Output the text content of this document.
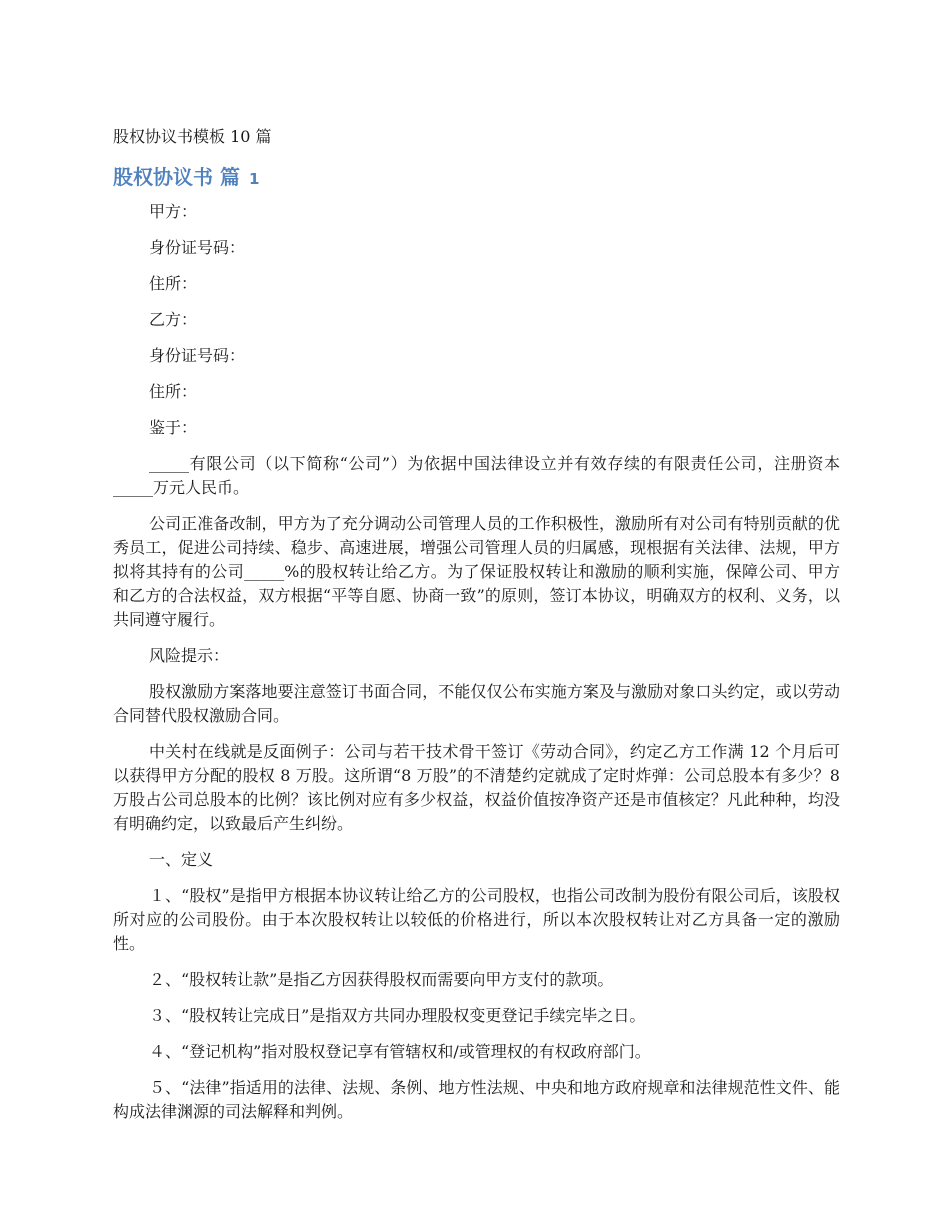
股权协议书模板 10 篇

股权协议书 篇 1

甲方：

身份证号码：

住所：

乙方：

身份证号码：

住所：

鉴于：

_____有限公司（以下简称“公司”）为依据中国法律设立并有效存续的有限责任公司，注册资本_____万元人民币。

公司正准备改制，甲方为了充分调动公司管理人员的工作积极性，激励所有对公司有特别贡献的优秀员工，促进公司持续、稳步、高速进展，增强公司管理人员的归属感，现根据有关法律、法规，甲方拟将其持有的公司_____%的股权转让给乙方。为了保证股权转让和激励的顺利实施，保障公司、甲方和乙方的合法权益，双方根据“平等自愿、协商一致”的原则，签订本协议，明确双方的权利、义务，以共同遵守履行。

风险提示：

股权激励方案落地要注意签订书面合同，不能仅仅公布实施方案及与激励对象口头约定，或以劳动合同替代股权激励合同。

中关村在线就是反面例子：公司与若干技术骨干签订《劳动合同》，约定乙方工作满 12 个月后可以获得甲方分配的股权 8 万股。这所谓“8 万股”的不清楚约定就成了定时炸弹：公司总股本有多少？8 万股占公司总股本的比例？该比例对应有多少权益，权益价值按净资产还是市值核定？凡此种种，均没有明确约定，以致最后产生纠纷。

一、定义

１、“股权”是指甲方根据本协议转让给乙方的公司股权，也指公司改制为股份有限公司后，该股权所对应的公司股份。由于本次股权转让以较低的价格进行，所以本次股权转让对乙方具备一定的激励性。

２、“股权转让款”是指乙方因获得股权而需要向甲方支付的款项。

３、“股权转让完成日”是指双方共同办理股权变更登记手续完毕之日。

４、“登记机构”指对股权登记享有管辖权和/或管理权的有权政府部门。

５、“法律”指适用的法律、法规、条例、地方性法规、中央和地方政府规章和法律规范性文件、能构成法律渊源的司法解释和判例。
